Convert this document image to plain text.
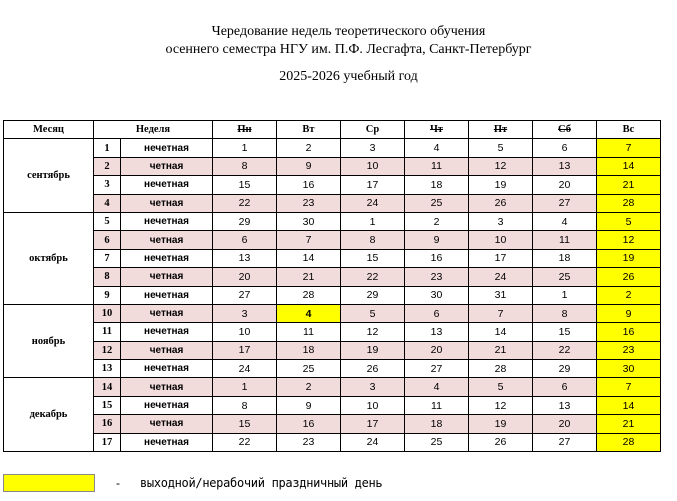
Чередование недель теоретического обучения
осеннего семестра НГУ им. П.Ф. Лесгафта, Санкт-Петербург
2025-2026 учебный год
Месяц	Неделя		Пн	Вт	Ср	Чт	Пт	Сб	Вс
сентябрь	1	нечетная	1	2	3	4	5	6	7
	2	четная	8	9	10	11	12	13	14
	3	нечетная	15	16	17	18	19	20	21
	4	четная	22	23	24	25	26	27	28
октябрь	5	нечетная	29	30	1	2	3	4	5
	6	четная	6	7	8	9	10	11	12
	7	нечетная	13	14	15	16	17	18	19
	8	четная	20	21	22	23	24	25	26
	9	нечетная	27	28	29	30	31	1	2
ноябрь	10	четная	3	4	5	6	7	8	9
	11	нечетная	10	11	12	13	14	15	16
	12	четная	17	18	19	20	21	22	23
	13	нечетная	24	25	26	27	28	29	30
декабрь	14	четная	1	2	3	4	5	6	7
	15	нечетная	8	9	10	11	12	13	14
	16	четная	15	16	17	18	19	20	21
	17	нечетная	22	23	24	25	26	27	28
- выходной/нерабочий праздничный день
